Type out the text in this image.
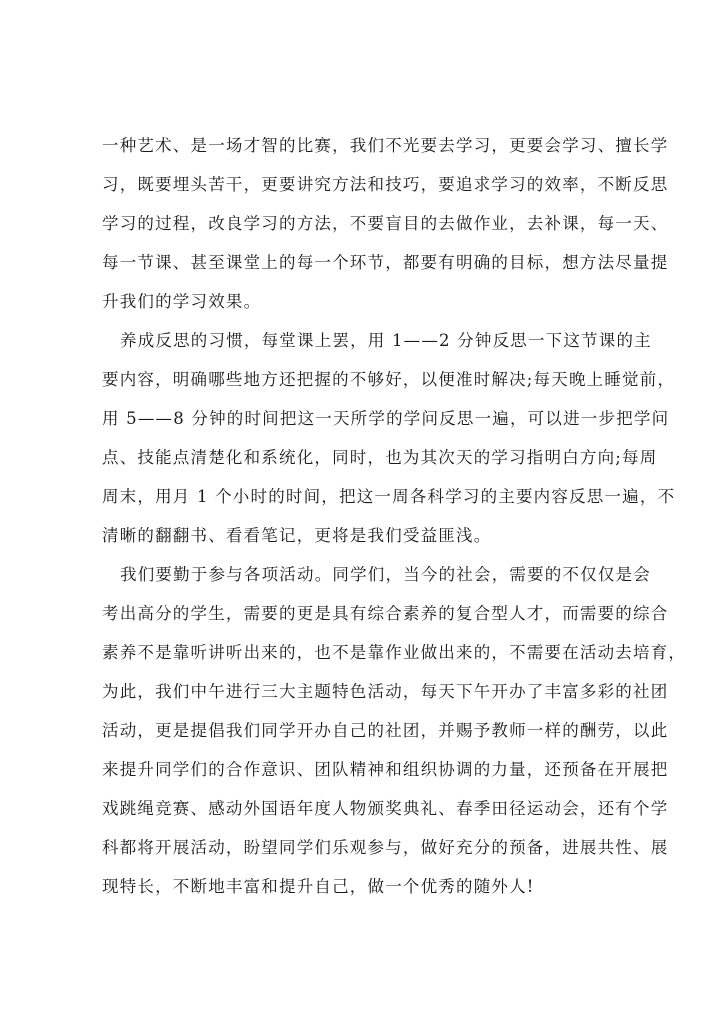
一种艺术、是一场才智的比赛，我们不光要去学习，更要会学习、擅长学
习，既要埋头苦干，更要讲究方法和技巧，要追求学习的效率，不断反思
学习的过程，改良学习的方法，不要盲目的去做作业，去补课，每一天、
每一节课、甚至课堂上的每一个环节，都要有明确的目标，想方法尽量提
升我们的学习效果。
养成反思的习惯，每堂课上罢，用 1——2 分钟反思一下这节课的主
要内容，明确哪些地方还把握的不够好，以便准时解决;每天晚上睡觉前，
用 5——8 分钟的时间把这一天所学的学问反思一遍，可以进一步把学问
点、技能点清楚化和系统化，同时，也为其次天的学习指明白方向;每周
周末，用月 1 个小时的时间，把这一周各科学习的主要内容反思一遍，不
清晰的翻翻书、看看笔记，更将是我们受益匪浅。
我们要勤于参与各项活动。同学们，当今的社会，需要的不仅仅是会
考出高分的学生，需要的更是具有综合素养的复合型人才，而需要的综合
素养不是靠听讲听出来的，也不是靠作业做出来的，不需要在活动去培育，
为此，我们中午进行三大主题特色活动，每天下午开办了丰富多彩的社团
活动，更是提倡我们同学开办自己的社团，并赐予教师一样的酬劳，以此
来提升同学们的合作意识、团队精神和组织协调的力量，还预备在开展把
戏跳绳竞赛、感动外国语年度人物颁奖典礼、春季田径运动会，还有个学
科都将开展活动，盼望同学们乐观参与，做好充分的预备，进展共性、展
现特长，不断地丰富和提升自己，做一个优秀的随外人!
